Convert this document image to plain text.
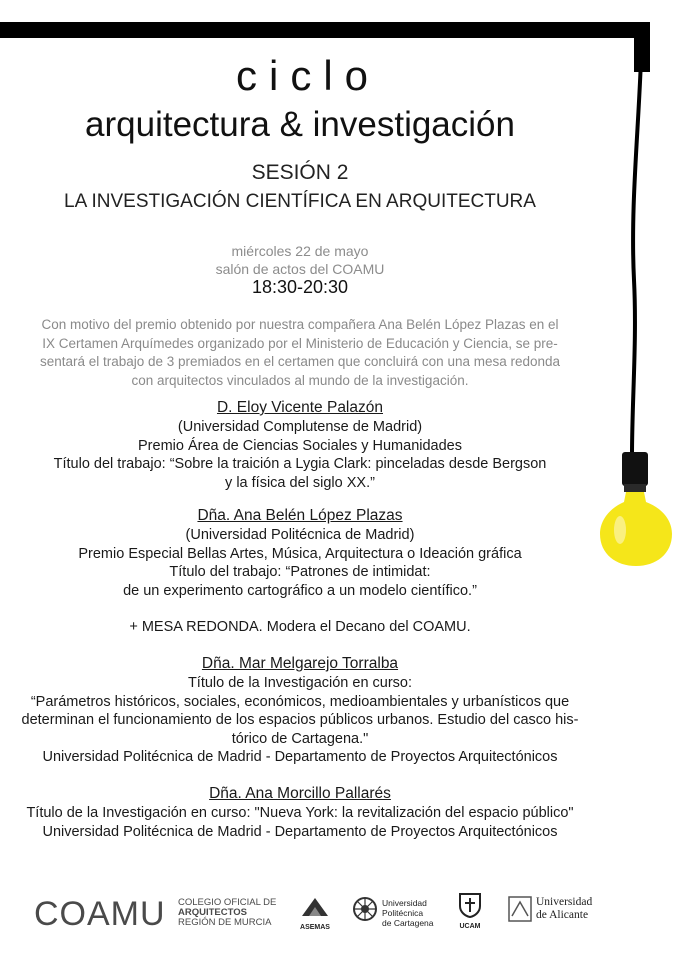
ciclo
arquitectura & investigación
SESIÓN 2
LA INVESTIGACIÓN CIENTÍFICA EN ARQUITECTURA
miércoles 22 de mayo
salón de actos del COAMU
18:30-20:30
Con motivo del premio obtenido por nuestra compañera Ana Belén López Plazas en el
IX Certamen Arquímedes organizado por el Ministerio de Educación y Ciencia, se pre-
sentará el trabajo de 3 premiados en el certamen que concluirá con una mesa redonda
con arquitectos vinculados al mundo de la investigación.
D. Eloy Vicente Palazón
(Universidad Complutense de Madrid)
Premio Área de Ciencias Sociales y Humanidades
Título del trabajo: “Sobre la traición a Lygia Clark: pinceladas desde Bergson
y la física del siglo XX.”
Dña. Ana Belén López Plazas
(Universidad Politécnica de Madrid)
Premio Especial Bellas Artes, Música, Arquitectura o Ideación gráfica
Título del trabajo: “Patrones de intimidat:
de un experimento cartográfico a un modelo científico.”
+ MESA REDONDA. Modera el Decano del COAMU.
Dña. Mar Melgarejo Torralba
Título de la Investigación en curso:
“Parámetros históricos, sociales, económicos, medioambientales y urbanísticos que
determinan el funcionamiento de los espacios públicos urbanos. Estudio del casco his-
tórico de Cartagena."
Universidad Politécnica de Madrid - Departamento de Proyectos Arquitectónicos
Dña. Ana Morcillo Pallarés
Título de la Investigación en curso: "Nueva York: la revitalización del espacio público"
Universidad Politécnica de Madrid - Departamento de Proyectos Arquitectónicos
COAMU COLEGIO OFICIAL DE
ARQUITECTOS
REGIÓN DE MURCIA	ASEMAS
Universidad
Politécnica
de Cartagena	UCAM
Universidad
de Alicante
